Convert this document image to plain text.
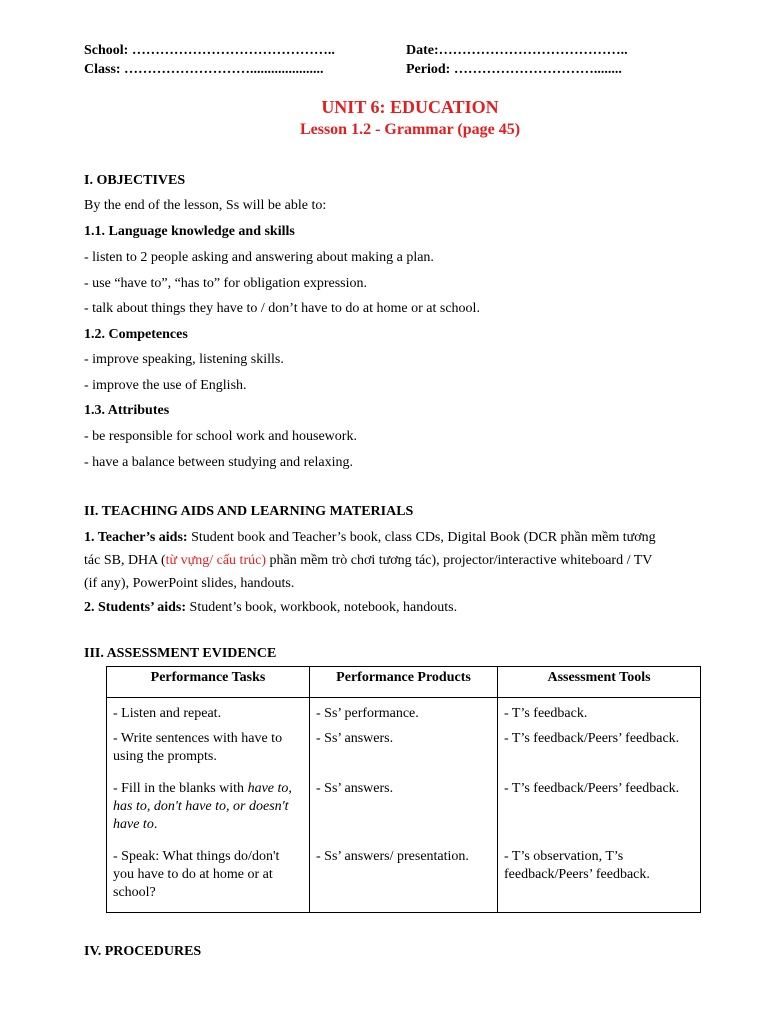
School: ……………………………………..	Date:…………………………………..
Class: ……………………….....................	Period: …………………………........
UNIT 6: EDUCATION
Lesson 1.2 - Grammar (page 45)
I. OBJECTIVES
By the end of the lesson, Ss will be able to:
1.1. Language knowledge and skills
- listen to 2 people asking and answering about making a plan.
- use “have to”, “has to” for obligation expression.
- talk about things they have to / don’t have to do at home or at school.
1.2. Competences
- improve speaking, listening skills.
- improve the use of English.
1.3. Attributes
- be responsible for school work and housework.
- have a balance between studying and relaxing.
II. TEACHING AIDS AND LEARNING MATERIALS
1. Teacher’s aids: Student book and Teacher’s book, class CDs, Digital Book (DCR phần mềm tương
tác SB, DHA (từ vựng/ cấu trúc) phần mềm trò chơi tương tác), projector/interactive whiteboard / TV
(if any), PowerPoint slides, handouts.
2. Students’ aids: Student’s book, workbook, notebook, handouts.
III. ASSESSMENT EVIDENCE
Performance Tasks	Performance Products	Assessment Tools
- Listen and repeat.	- Ss’ performance.	- T’s feedback.
- Write sentences with have to using the prompts.	- Ss’ answers.	- T’s feedback/Peers’ feedback.
- Fill in the blanks with have to, has to, don't have to, or doesn't have to.	- Ss’ answers.	- T’s feedback/Peers’ feedback.
- Speak: What things do/don't you have to do at home or at school?	- Ss’ answers/ presentation.	- T’s observation, T’s feedback/Peers’ feedback.
IV. PROCEDURES
